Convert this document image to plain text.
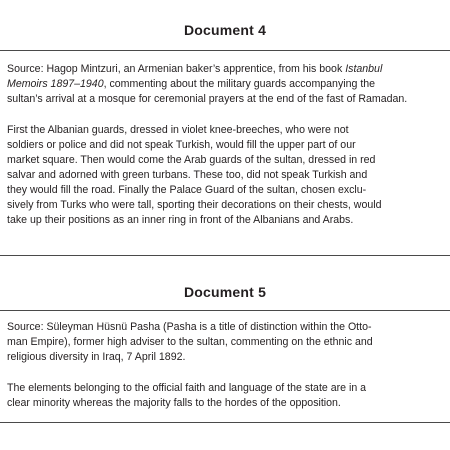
Document 4
Source: Hagop Mintzuri, an Armenian baker’s apprentice, from his book Istanbul
Memoirs 1897–1940, commenting about the military guards accompanying the
sultan’s arrival at a mosque for ceremonial prayers at the end of the fast of Ramadan.
First the Albanian guards, dressed in violet knee-breeches, who were not
soldiers or police and did not speak Turkish, would fill the upper part of our
market square. Then would come the Arab guards of the sultan, dressed in red
salvar and adorned with green turbans. These too, did not speak Turkish and
they would fill the road. Finally the Palace Guard of the sultan, chosen exclu-
sively from Turks who were tall, sporting their decorations on their chests, would
take up their positions as an inner ring in front of the Albanians and Arabs.
Document 5
Source: Süleyman Hüsnü Pasha (Pasha is a title of distinction within the Otto-
man Empire), former high adviser to the sultan, commenting on the ethnic and
religious diversity in Iraq, 7 April 1892.
The elements belonging to the official faith and language of the state are in a
clear minority whereas the majority falls to the hordes of the opposition.
